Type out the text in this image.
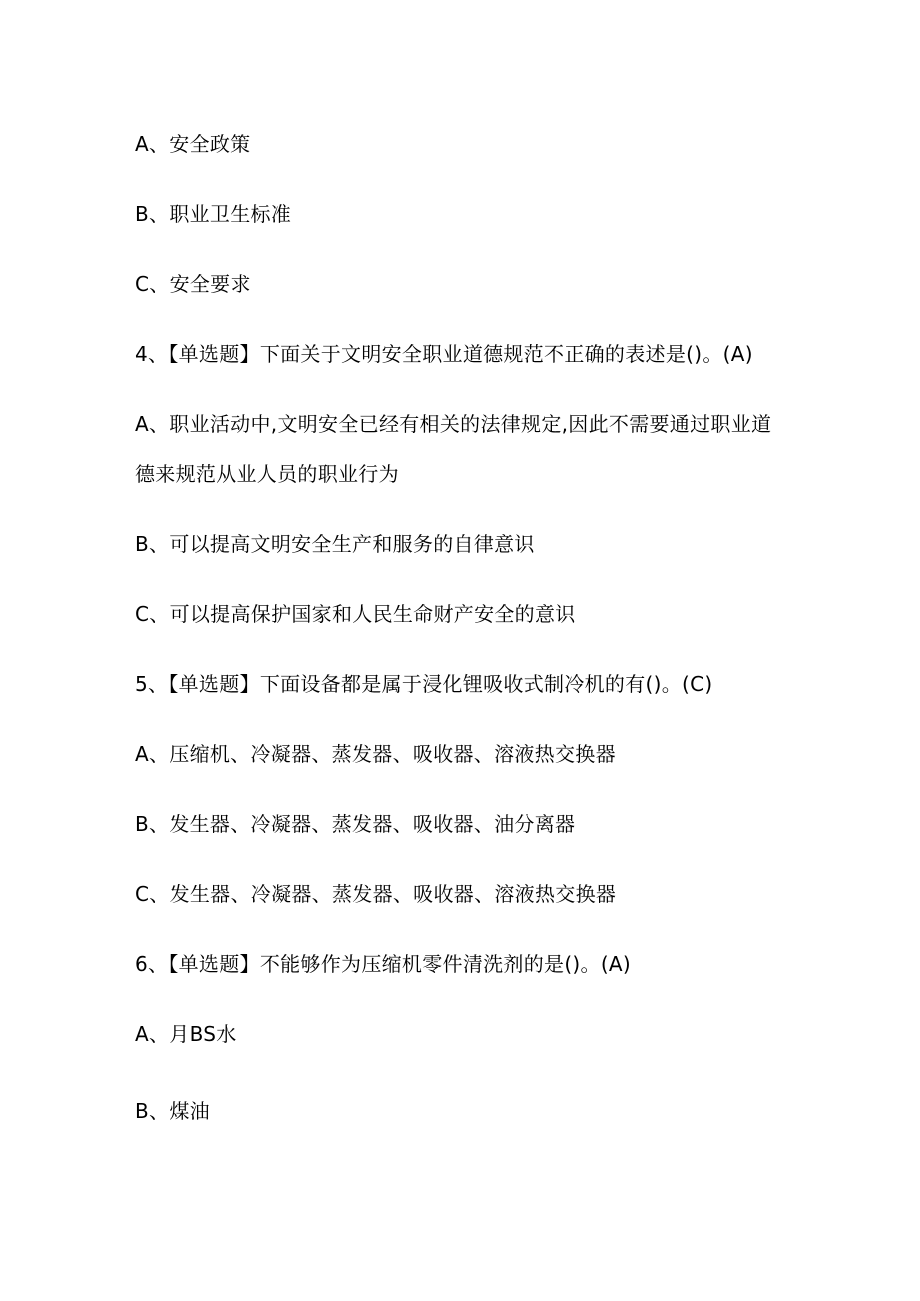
A、安全政策
B、职业卫生标准
C、安全要求
4、【单选题】下面关于文明安全职业道德规范不正确的表述是()。(A)
A、职业活动中,文明安全已经有相关的法律规定,因此不需要通过职业道
德来规范从业人员的职业行为
B、可以提高文明安全生产和服务的自律意识
C、可以提高保护国家和人民生命财产安全的意识
5、【单选题】下面设备都是属于浸化锂吸收式制冷机的有()。(C)
A、压缩机、冷凝器、蒸发器、吸收器、溶液热交换器
B、发生器、冷凝器、蒸发器、吸收器、油分离器
C、发生器、冷凝器、蒸发器、吸收器、溶液热交换器
6、【单选题】不能够作为压缩机零件清洗剂的是()。(A)
A、月BS水
B、煤油
